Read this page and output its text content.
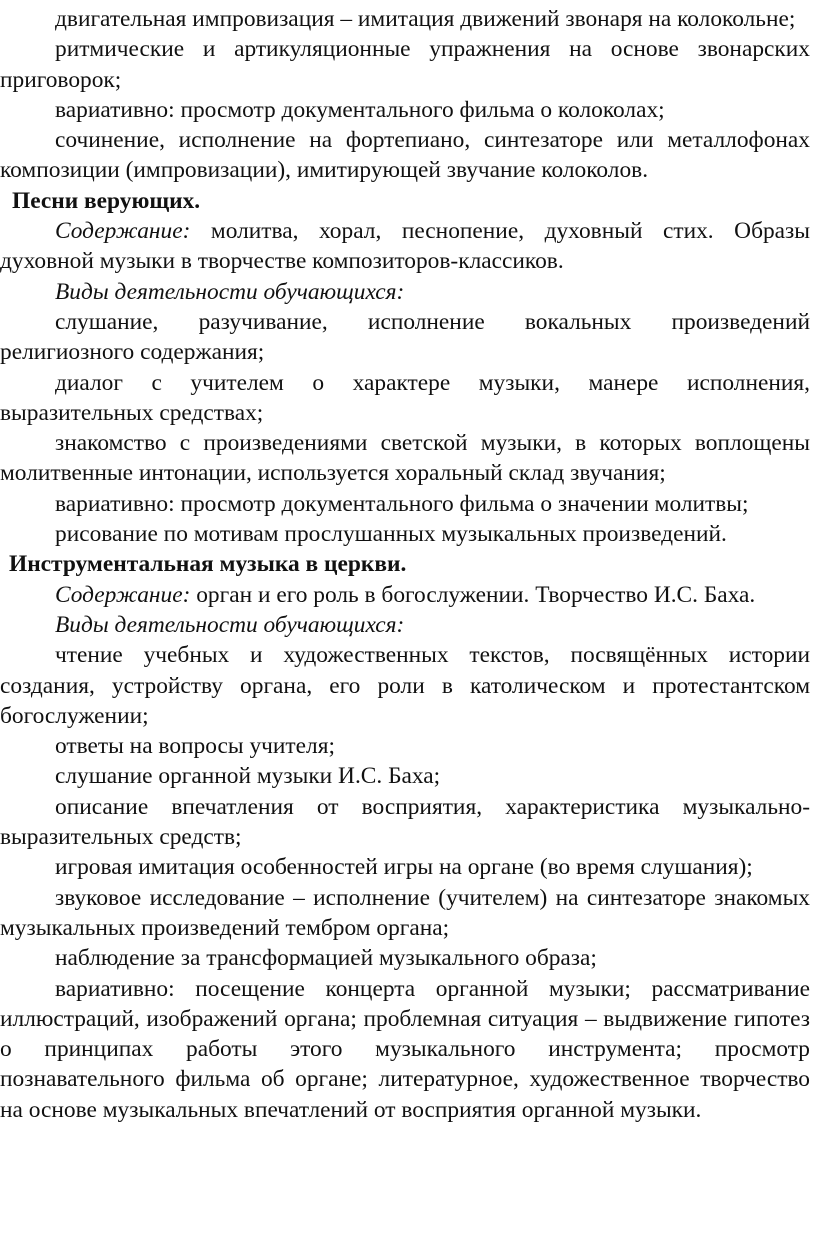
двигательная импровизация – имитация движений звонаря на колокольне;

ритмические и артикуляционные упражнения на основе звонарских приговорок;

вариативно: просмотр документального фильма о колоколах;

сочинение, исполнение на фортепиано, синтезаторе или металлофонах композиции (импровизации), имитирующей звучание колоколов.

Песни верующих.

Содержание: молитва, хорал, песнопение, духовный стих. Образы духовной музыки в творчестве композиторов-классиков.

Виды деятельности обучающихся:

слушание, разучивание, исполнение вокальных произведений религиозного содержания;

диалог с учителем о характере музыки, манере исполнения, выразительных средствах;

знакомство с произведениями светской музыки, в которых воплощены молитвенные интонации, используется хоральный склад звучания;

вариативно: просмотр документального фильма о значении молитвы;

рисование по мотивам прослушанных музыкальных произведений.

Инструментальная музыка в церкви.

Содержание: орган и его роль в богослужении. Творчество И.С. Баха.

Виды деятельности обучающихся:

чтение учебных и художественных текстов, посвящённых истории создания, устройству органа, его роли в католическом и протестантском богослужении;

ответы на вопросы учителя;

слушание органной музыки И.С. Баха;

описание впечатления от восприятия, характеристика музыкально-выразительных средств;

игровая имитация особенностей игры на органе (во время слушания);

звуковое исследование – исполнение (учителем) на синтезаторе знакомых музыкальных произведений тембром органа;

наблюдение за трансформацией музыкального образа;

вариативно: посещение концерта органной музыки; рассматривание иллюстраций, изображений органа; проблемная ситуация – выдвижение гипотез о принципах работы этого музыкального инструмента; просмотр познавательного фильма об органе; литературное, художественное творчество на основе музыкальных впечатлений от восприятия органной музыки.
